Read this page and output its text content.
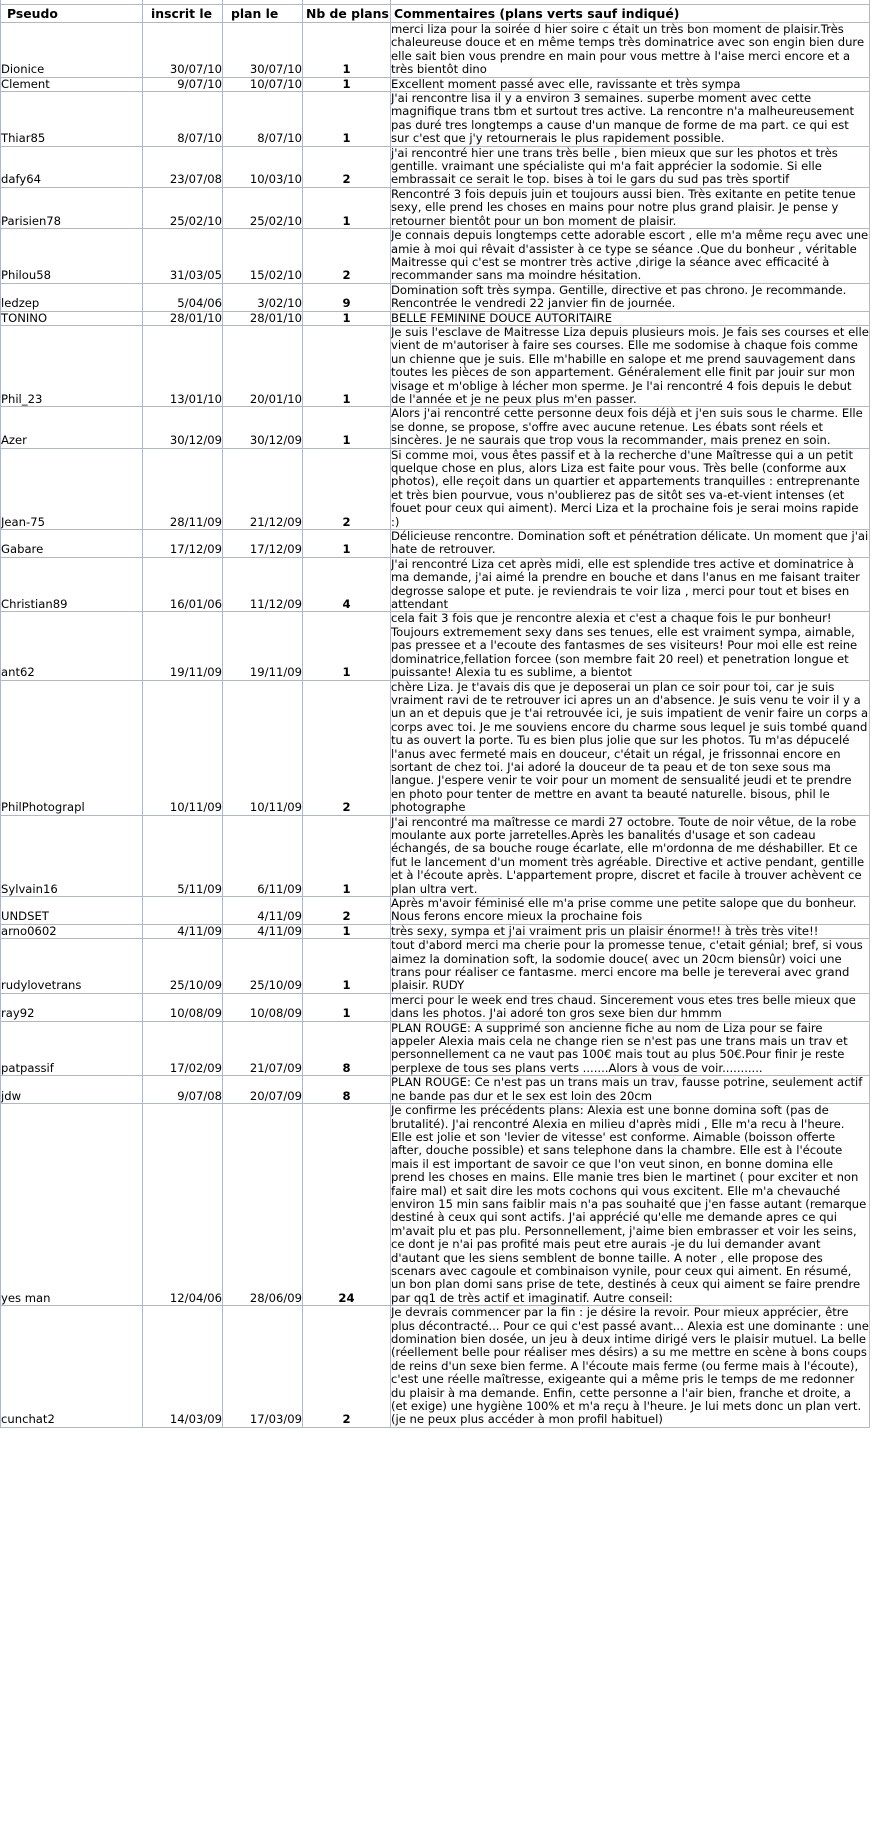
Pseudo	inscrit le	plan le	Nb de plans	Commentaires (plans verts sauf indiqué)
Dionice	30/07/10	30/07/10	1	merci liza pour la soirée d hier soire c était un très bon moment de plaisir.Très chaleureuse douce et en même temps très dominatrice avec son engin bien dure elle sait bien vous prendre en main pour vous mettre à l'aise merci encore et a très bientôt dino

Clement	9/07/10	10/07/10	1	Excellent moment passé avec elle, ravissante et très sympa

Thiar85	8/07/10	8/07/10	1	J'ai rencontre lisa il y a environ 3 semaines. superbe moment avec cette magnifique trans tbm et surtout tres active. La rencontre n'a malheureusement pas duré tres longtemps a cause d'un manque de forme de ma part. ce qui est sur c'est que j'y retournerais le plus rapidement possible.

dafy64	23/07/08	10/03/10	2	j'ai rencontré hier une trans très belle , bien mieux que sur les photos et très gentille. vraimant une spécialiste qui m'a fait apprécier la sodomie. Si elle embrassait ce serait le top. bises à toi le gars du sud pas très sportif

Parisien78	25/02/10	25/02/10	1	Rencontré 3 fois depuis juin et toujours aussi bien. Très exitante en petite tenue sexy, elle prend les choses en mains pour notre plus grand plaisir. Je pense y retourner bientôt pour un bon moment de plaisir.

Philou58	31/03/05	15/02/10	2	Je connais depuis longtemps cette adorable escort , elle m'a même reçu avec une amie à moi qui rêvait d'assister à ce type se séance .Que du bonheur , véritable Maitresse qui c'est se montrer très active ,dirige la séance avec efficacité à recommander sans ma moindre hésitation.

ledzep	5/04/06	3/02/10	9	Domination soft très sympa. Gentille, directive et pas chrono. Je recommande. Rencontrée le vendredi 22 janvier fin de journée.

TONINO	28/01/10	28/01/10	1	BELLE FEMININE DOUCE AUTORITAIRE

Phil_23	13/01/10	20/01/10	1	Je suis l'esclave de Maitresse Liza depuis plusieurs mois. Je fais ses courses et elle vient de m'autoriser à faire ses courses. Elle me sodomise à chaque fois comme un chienne que je suis. Elle m'habille en salope et me prend sauvagement dans toutes les pièces de son appartement. Généralement elle finit par jouir sur mon visage et m'oblige à lécher mon sperme. Je l'ai rencontré 4 fois depuis le debut de l'année et je ne peux plus m'en passer.

Azer	30/12/09	30/12/09	1	Alors j'ai rencontré cette personne deux fois déjà et j'en suis sous le charme. Elle se donne, se propose, s'offre avec aucune retenue. Les ébats sont réels et sincères. Je ne saurais que trop vous la recommander, mais prenez en soin.

Jean-75	28/11/09	21/12/09	2	Si comme moi, vous êtes passif et à la recherche d'une Maîtresse qui a un petit quelque chose en plus, alors Liza est faite pour vous. Très belle (conforme aux photos), elle reçoit dans un quartier et appartements tranquilles : entreprenante et très bien pourvue, vous n'oublierez pas de sitôt ses va-et-vient intenses (et fouet pour ceux qui aiment). Merci Liza et la prochaine fois je serai moins rapide :)

Gabare	17/12/09	17/12/09	1	Délicieuse rencontre. Domination soft et pénétration délicate. Un moment que j'ai hate de retrouver.

Christian89	16/01/06	11/12/09	4	J'ai rencontré Liza cet après midi, elle est splendide tres active et dominatrice à ma demande, j'ai aimé la prendre en bouche et dans l'anus en me faisant traiter degrosse salope et pute. je reviendrais te voir liza , merci pour tout et bises en attendant

ant62	19/11/09	19/11/09	1	cela fait 3 fois que je rencontre alexia et c'est a chaque fois le pur bonheur! Toujours extremement sexy dans ses tenues, elle est vraiment sympa, aimable, pas pressee et a l'ecoute des fantasmes de ses visiteurs! Pour moi elle est reine dominatrice,fellation forcee (son membre fait 20 reel) et penetration longue et puissante! Alexia tu es sublime, a bientot

PhilPhotograpl	10/11/09	10/11/09	2	chère Liza. Je t'avais dis que je deposerai un plan ce soir pour toi, car je suis vraiment ravi de te retrouver ici apres un an d'absence. Je suis venu te voir il y a un an et depuis que je t'ai retrouvée ici, je suis impatient de venir faire un corps a corps avec toi. Je me souviens encore du charme sous lequel je suis tombé quand tu as ouvert la porte. Tu es bien plus jolie que sur les photos. Tu m'as dépucelé l'anus avec fermeté mais en douceur, c'était un régal, je frissonnai encore en sortant de chez toi. J'ai adoré la douceur de ta peau et de ton sexe sous ma langue. J'espere venir te voir pour un moment de sensualité jeudi et te prendre en photo pour tenter de mettre en avant ta beauté naturelle. bisous, phil le photographe

Sylvain16	5/11/09	6/11/09	1	J'ai rencontré ma maîtresse ce mardi 27 octobre. Toute de noir vêtue, de la robe moulante aux porte jarretelles.Après les banalités d'usage et son cadeau échangés, de sa bouche rouge écarlate, elle m'ordonna de me déshabiller. Et ce fut le lancement d'un moment très agréable. Directive et active pendant, gentille et à l'écoute après. L'appartement propre, discret et facile à trouver achèvent ce plan ultra vert.

UNDSET		4/11/09	2	Après m'avoir féminisé elle m'a prise comme une petite salope que du bonheur. Nous ferons encore mieux la prochaine fois

arno0602	4/11/09	4/11/09	1	très sexy, sympa et j'ai vraiment pris un plaisir énorme!! à très très vite!!

rudylovetrans	25/10/09	25/10/09	1	tout d'abord merci ma cherie pour la promesse tenue, c'etait génial; bref, si vous aimez la domination soft, la sodomie douce( avec un 20cm biensûr) voici une trans pour réaliser ce fantasme. merci encore ma belle je tereverai avec grand plaisir. RUDY

ray92	10/08/09	10/08/09	1	merci pour le week end tres chaud. Sincerement vous etes tres belle mieux que dans les photos. J'ai adoré ton gros sexe bien dur hmmm

patpassif	17/02/09	21/07/09	8	PLAN ROUGE: A supprimé son ancienne fiche au nom de Liza pour se faire appeler Alexia mais cela ne change rien se n'est pas une trans mais un trav et personnellement ca ne vaut pas 100€ mais tout au plus 50€.Pour finir je reste perplexe de tous ses plans verts .......Alors à vous de voir...........

jdw	9/07/08	20/07/09	8	PLAN ROUGE: Ce n'est pas un trans mais un trav, fausse potrine, seulement actif ne bande pas dur et le sex est loin des 20cm

yes man	12/04/06	28/06/09	24	Je confirme les précédents plans: Alexia est une bonne domina soft (pas de brutalité). J'ai rencontré Alexia en milieu d'après midi , Elle m'a recu à l'heure. Elle est jolie et son 'levier de vitesse' est conforme. Aimable (boisson offerte after, douche possible) et sans telephone dans la chambre. Elle est à l'écoute mais il est important de savoir ce que l'on veut sinon, en bonne domina elle prend les choses en mains. Elle manie tres bien le martinet ( pour exciter et non faire mal) et sait dire les mots cochons qui vous excitent. Elle m'a chevauché environ 15 min sans faiblir mais n'a pas souhaité que j'en fasse autant (remarque destiné à ceux qui sont actifs. J'ai apprécié qu'elle me demande apres ce qui m'avait plu et pas plu. Personnellement, j'aime bien embrasser et voir les seins, ce dont je n'ai pas profité mais peut etre aurais -je du lui demander avant d'autant que les siens semblent de bonne taille. A noter , elle propose des scenars avec cagoule et combinaison vynile, pour ceux qui aiment. En résumé, un bon plan domi sans prise de tete, destinés à ceux qui aiment se faire prendre par qq1 de très actif et imaginatif. Autre conseil:

cunchat2	14/03/09	17/03/09	2	Je devrais commencer par la fin : je désire la revoir. Pour mieux apprécier, être plus décontracté... Pour ce qui c'est passé avant... Alexia est une dominante : une domination bien dosée, un jeu à deux intime dirigé vers le plaisir mutuel. La belle (réellement belle pour réaliser mes désirs) a su me mettre en scène à bons coups de reins d'un sexe bien ferme. A l'écoute mais ferme (ou ferme mais à l'écoute), c'est une réelle maîtresse, exigeante qui a même pris le temps de me redonner du plaisir à ma demande. Enfin, cette personne a l'air bien, franche et droite, a (et exige) une hygiène 100% et m'a reçu à l'heure. Je lui mets donc un plan vert. (je ne peux plus accéder à mon profil habituel)
